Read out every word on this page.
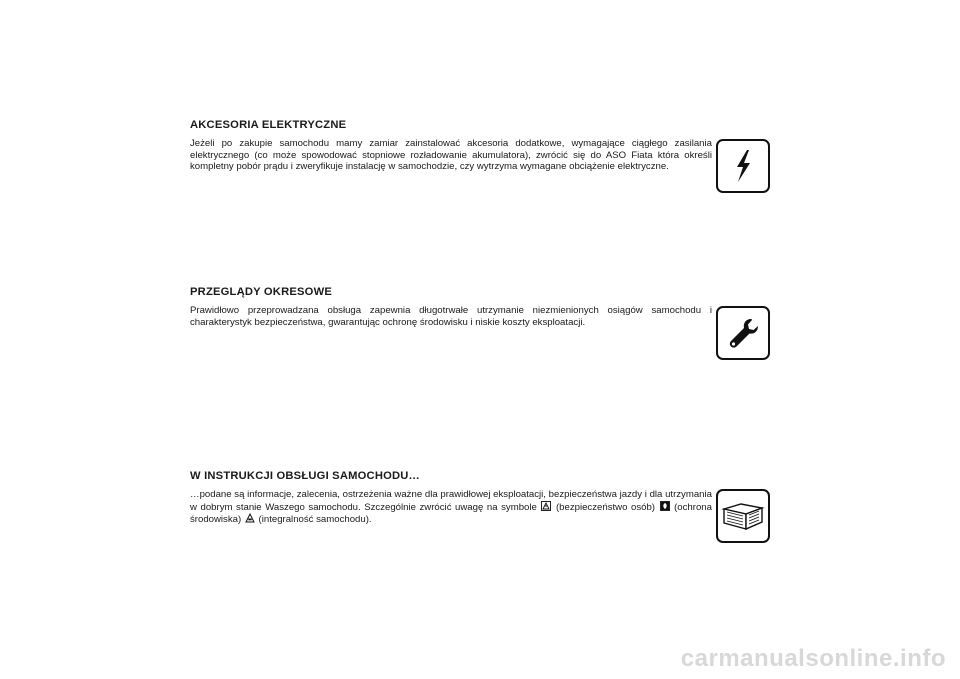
AKCESORIA ELEKTRYCZNE

Jeżeli po zakupie samochodu mamy zamiar zainstalować akcesoria dodatkowe, wymagające ciągłego zasilania elektrycznego (co może spowodować stopniowe rozładowanie akumulatora), zwrócić się do ASO Fiata która określi kompletny pobór prądu i zweryfikuje instalację w samochodzie, czy wytrzyma wymagane obciążenie elektryczne.

PRZEGLĄDY OKRESOWE

Prawidłowo przeprowadzana obsługa zapewnia długotrwałe utrzymanie niezmienionych osiągów samochodu i charakterystyk bezpieczeństwa, gwarantując ochronę środowisku i niskie koszty eksploatacji.

W INSTRUKCJI OBSŁUGI SAMOCHODU…

…podane są informacje, zalecenia, ostrzeżenia ważne dla prawidłowej eksploatacji, bezpieczeństwa jazdy i dla utrzymania w dobrym stanie Waszego samochodu. Szczególnie zwrócić uwagę na symbole (bezpieczeństwo osób) (ochrona środowiska) (integralność samochodu).

carmanualsonline.info
